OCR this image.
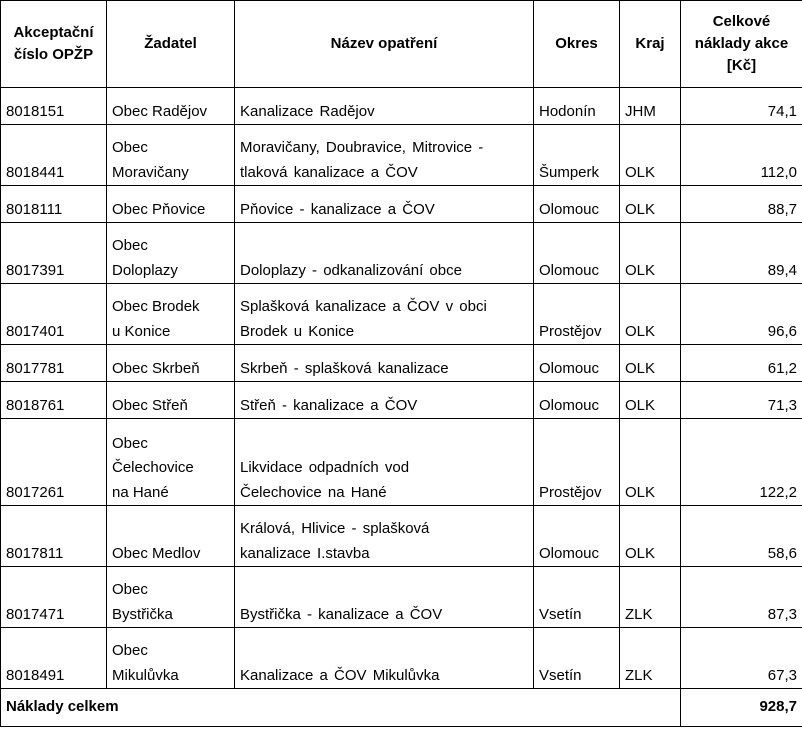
Akceptační
číslo OPŽP	Žadatel	Název opatření	Okres	Kraj	Celkové
náklady akce
[Kč]

8018151	Obec Radějov	Kanalizace Radějov	Hodonín	JHM	74,1
8018441	Obec
Moravičany	Moravičany, Doubravice, Mitrovice -
tlaková kanalizace a ČOV	Šumperk	OLK	112,0
8018111	Obec Pňovice	Pňovice - kanalizace a ČOV	Olomouc	OLK	88,7
8017391	Obec
Doloplazy	Doloplazy - odkanalizování obce	Olomouc	OLK	89,4
8017401	Obec Brodek
u Konice	Splašková kanalizace a ČOV v obci
Brodek u Konice	Prostějov	OLK	96,6
8017781	Obec Skrbeň	Skrbeň - splašková kanalizace	Olomouc	OLK	61,2
8018761	Obec Střeň	Střeň - kanalizace a ČOV	Olomouc	OLK	71,3
8017261	Obec
Čelechovice
na Hané	Likvidace odpadních vod
Čelechovice na Hané	Prostějov	OLK	122,2
8017811	Obec Medlov	Králová, Hlivice - splašková
kanalizace I.stavba	Olomouc	OLK	58,6
8017471	Obec
Bystřička	Bystřička - kanalizace a ČOV	Vsetín	ZLK	87,3
8018491	Obec
Mikulůvka	Kanalizace a ČOV Mikulůvka	Vsetín	ZLK	67,3
Náklady celkem					928,7
